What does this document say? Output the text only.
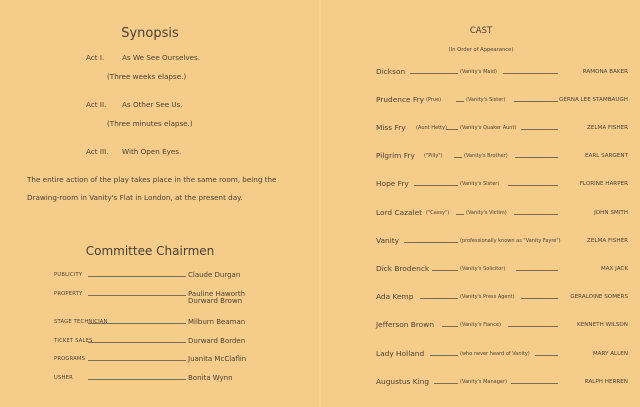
Synopsis
Act I. As We See Ourselves.
(Three weeks elapse.)
Act II. As Other See Us.
(Three minutes elapse.)
Act III. With Open Eyes.
The entire action of the play takes place in the same room, being the Drawing-room in Vanity's Flat in London, at the present day.
Committee Chairmen
PUBLICITY	Claude Durgan
PROPERTY	Pauline Haworth
Durward Brown
STAGE TECHNICIAN	Milburn Beaman
TICKET SALES	Durward Borden
PROGRAMS	Juanita McClaflin
USHER	Bonita Wynn
CAST
(In Order of Appearance)
Dickson	(Vanity's Maid)	RAMONA BAKER
Prudence Fry (Prue)	(Vanity's Sister)	GERNA LEE STAMBAUGH
Miss Fry (Aunt Hetty)	(Vanity's Quaker Aunt)	ZELMA FISHER
Pilgrim Fry ("Pilly")	(Vanity's Brother)	EARL SARGENT
Hope Fry	(Vanity's Sister)	FLORINE HARPER
Lord Cazalet ("Cassy")	(Vanity's Victim)	JOHN SMITH
Vanity	(professionally known as "Vanity Fayre")	ZELMA FISHER
Dick Brodenck	(Vanity's Solicitor)	MAX JACK
Ada Kemp	(Vanity's Press Agent)	GERALDINE SOMERS
Jefferson Brown	(Vanity's Fiance)	KENNETH WILSON
Lady Holland	(who never heard of Vanity)	MARY ALLEN
Augustus King	(Vanity's Manager)	RALPH HERREN
